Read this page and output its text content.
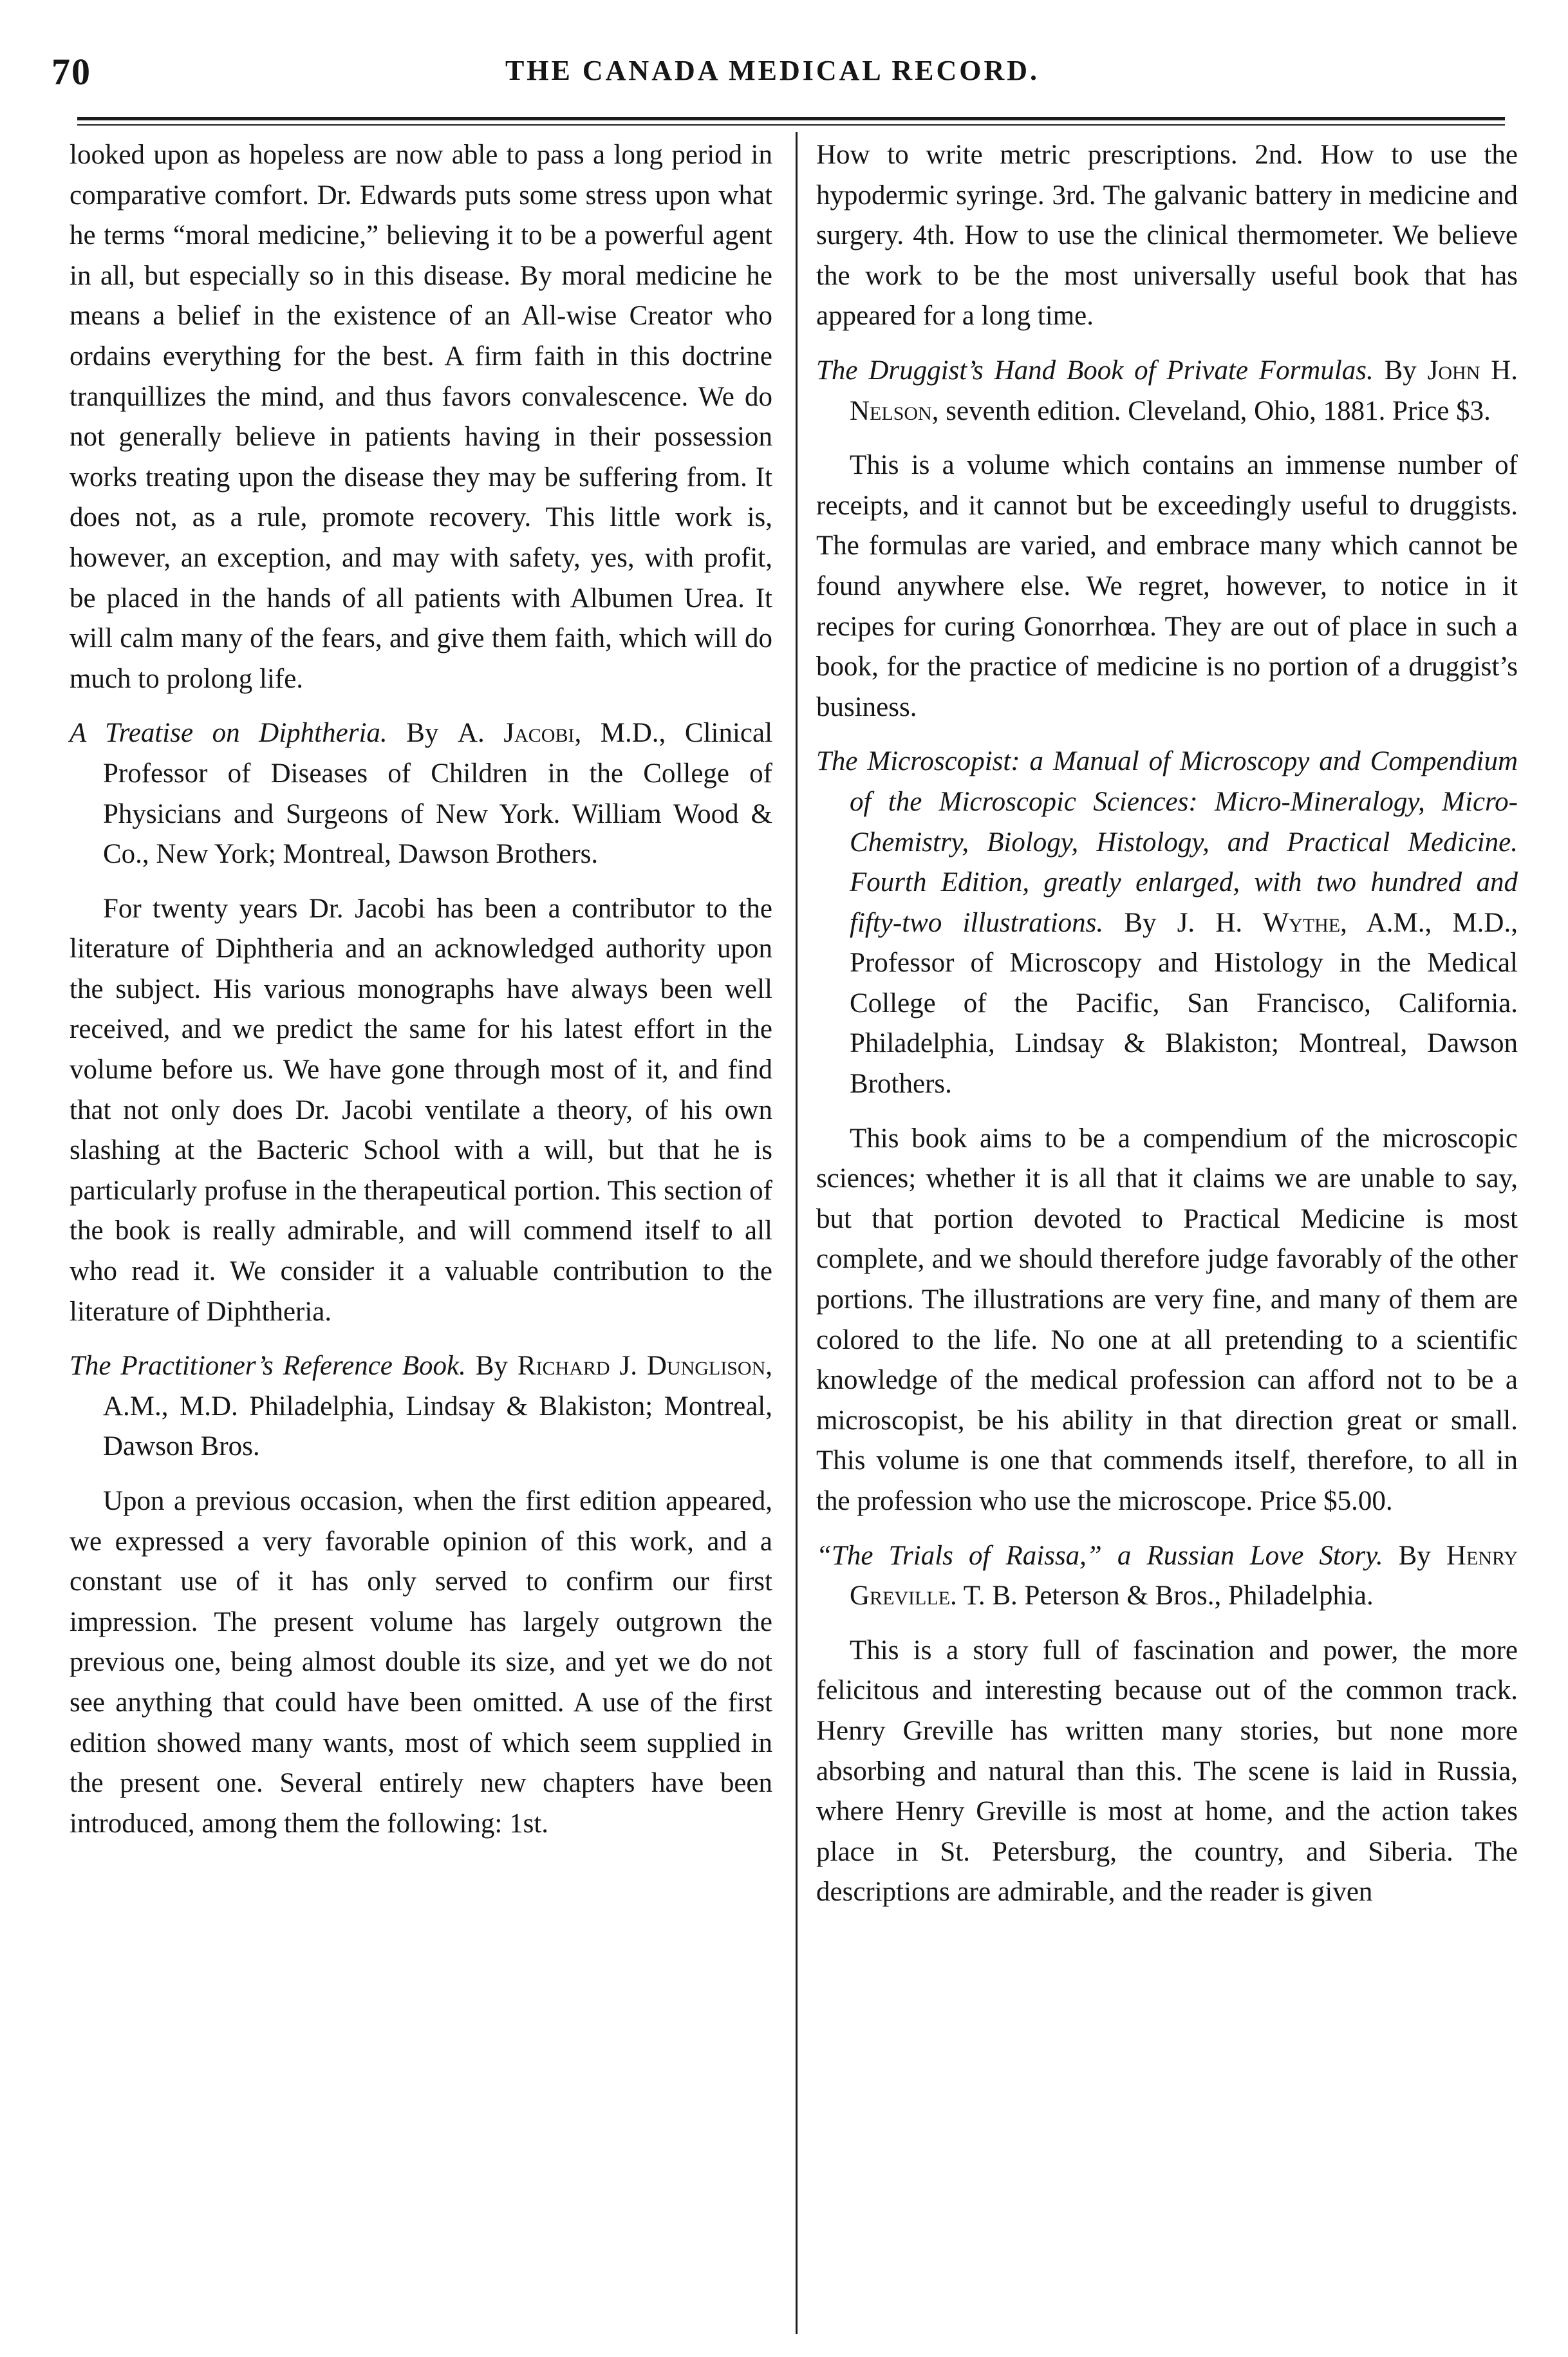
70	THE CANADA MEDICAL RECORD.

looked upon as hopeless are now able to pass a long period in comparative comfort. Dr. Edwards puts some stress upon what he terms “moral medicine,” believing it to be a powerful agent in all, but especially so in this disease. By moral medicine he means a belief in the existence of an All-wise Creator who ordains everything for the best. A firm faith in this doctrine tranquillizes the mind, and thus favors convalescence. We do not generally believe in patients having in their possession works treating upon the disease they may be suffering from. It does not, as a rule, promote recovery. This little work is, however, an exception, and may with safety, yes, with profit, be placed in the hands of all patients with Albumen Urea. It will calm many of the fears, and give them faith, which will do much to prolong life.

A Treatise on Diphtheria. By A. Jacobi, M.D., Clinical Professor of Diseases of Children in the College of Physicians and Surgeons of New York. William Wood & Co., New York; Montreal, Dawson Brothers.

For twenty years Dr. Jacobi has been a contributor to the literature of Diphtheria and an acknowledged authority upon the subject. His various monographs have always been well received, and we predict the same for his latest effort in the volume before us. We have gone through most of it, and find that not only does Dr. Jacobi ventilate a theory, of his own slashing at the Bacteric School with a will, but that he is particularly profuse in the therapeutical portion. This section of the book is really admirable, and will commend itself to all who read it. We consider it a valuable contribution to the literature of Diphtheria.

The Practitioner’s Reference Book. By Richard J. Dunglison, A.M., M.D. Philadelphia, Lindsay & Blakiston; Montreal, Dawson Bros.

Upon a previous occasion, when the first edition appeared, we expressed a very favorable opinion of this work, and a constant use of it has only served to confirm our first impression. The present volume has largely outgrown the previous one, being almost double its size, and yet we do not see anything that could have been omitted. A use of the first edition showed many wants, most of which seem supplied in the present one. Several entirely new chapters have been introduced, among them the following: 1st.

How to write metric prescriptions. 2nd. How to use the hypodermic syringe. 3rd. The galvanic battery in medicine and surgery. 4th. How to use the clinical thermometer. We believe the work to be the most universally useful book that has appeared for a long time.

The Druggist’s Hand Book of Private Formulas. By John H. Nelson, seventh edition. Cleveland, Ohio, 1881. Price $3.

This is a volume which contains an immense number of receipts, and it cannot but be exceedingly useful to druggists. The formulas are varied, and embrace many which cannot be found anywhere else. We regret, however, to notice in it recipes for curing Gonorrhœa. They are out of place in such a book, for the practice of medicine is no portion of a druggist’s business.

The Microscopist: a Manual of Microscopy and Compendium of the Microscopic Sciences: Micro-Mineralogy, Micro-Chemistry, Biology, Histology, and Practical Medicine. Fourth Edition, greatly enlarged, with two hundred and fifty-two illustrations. By J. H. Wythe, A.M., M.D., Professor of Microscopy and Histology in the Medical College of the Pacific, San Francisco, California. Philadelphia, Lindsay & Blakiston; Montreal, Dawson Brothers.

This book aims to be a compendium of the microscopic sciences; whether it is all that it claims we are unable to say, but that portion devoted to Practical Medicine is most complete, and we should therefore judge favorably of the other portions. The illustrations are very fine, and many of them are colored to the life. No one at all pretending to a scientific knowledge of the medical profession can afford not to be a microscopist, be his ability in that direction great or small. This volume is one that commends itself, therefore, to all in the profession who use the microscope. Price $5.00.

“The Trials of Raissa,” a Russian Love Story. By Henry Greville. T. B. Peterson & Bros., Philadelphia.

This is a story full of fascination and power, the more felicitous and interesting because out of the common track. Henry Greville has written many stories, but none more absorbing and natural than this. The scene is laid in Russia, where Henry Greville is most at home, and the action takes place in St. Petersburg, the country, and Siberia. The descriptions are admirable, and the reader is given
